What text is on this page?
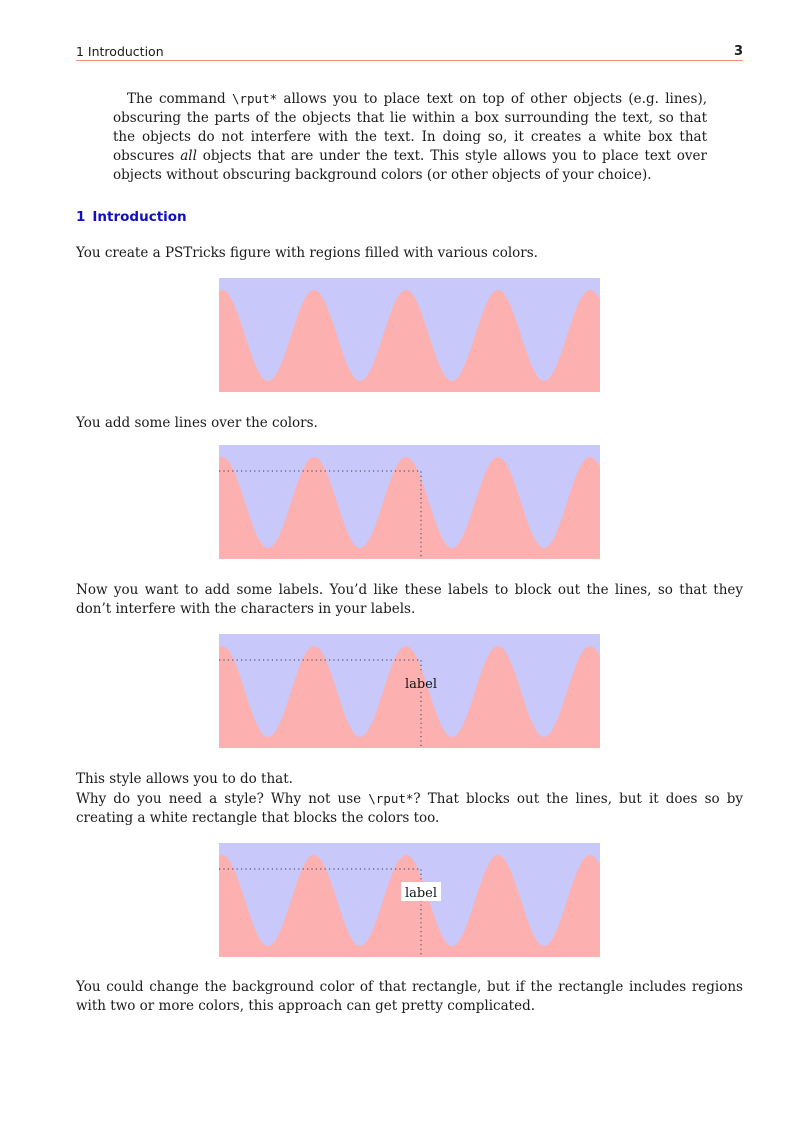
1 Introduction	3

The command \rput* allows you to place text on top of other objects (e.g. lines), obscuring the parts of the objects that lie within a box surrounding the text, so that the objects do not interfere with the text. In doing so, it creates a white box that obscures all objects that are under the text. This style allows you to place text over objects without obscuring background colors (or other objects of your choice).

1 Introduction

You create a PSTricks figure with regions filled with various colors.

You add some lines over the colors.

Now you want to add some labels. You’d like these labels to block out the lines, so that they don’t interfere with the characters in your labels.

label

This style allows you to do that.
Why do you need a style? Why not use \rput*? That blocks out the lines, but it does so by creating a white rectangle that blocks the colors too.

label

You could change the background color of that rectangle, but if the rectangle includes regions with two or more colors, this approach can get pretty complicated.
